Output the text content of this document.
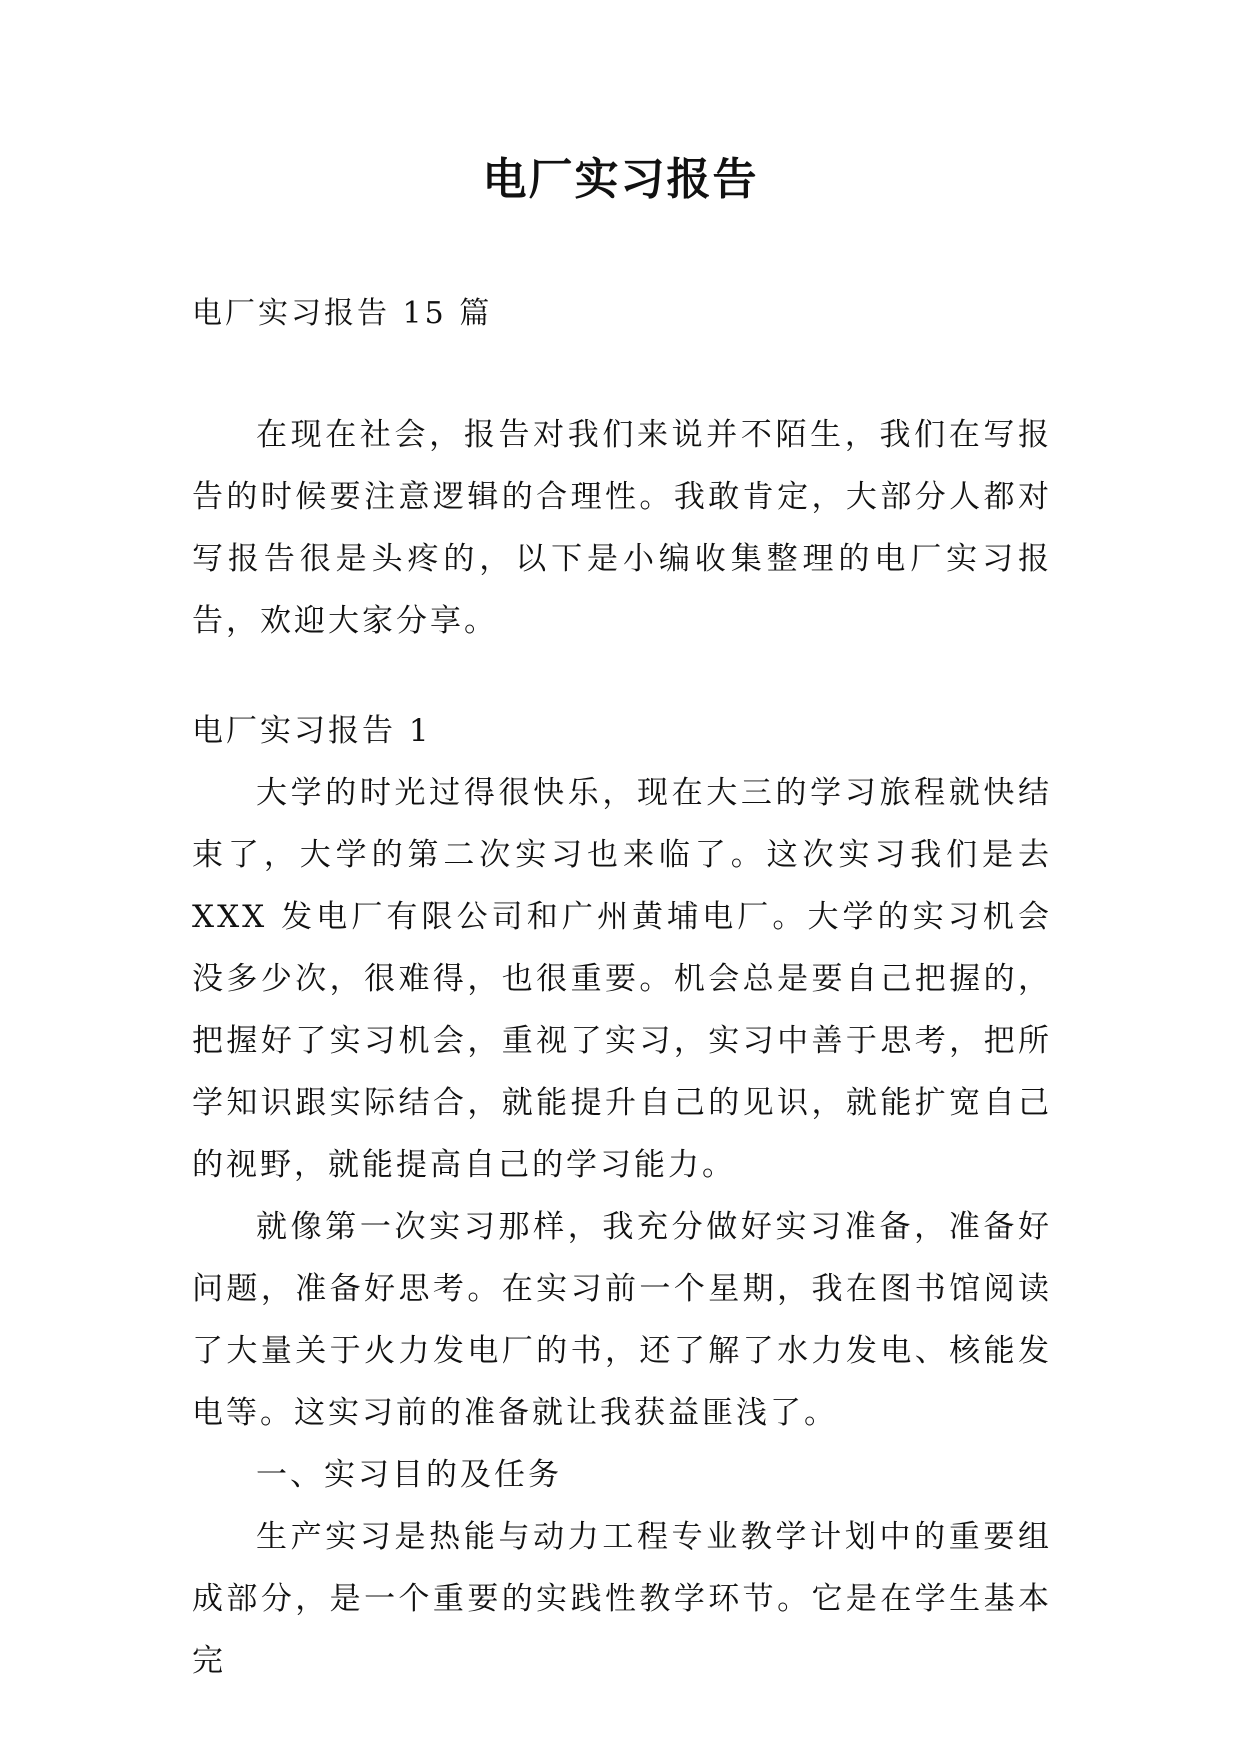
电厂实习报告
电厂实习报告 15 篇

在现在社会，报告对我们来说并不陌生，我们在写报告的时候要注意逻辑的合理性。我敢肯定，大部分人都对写报告很是头疼的，以下是小编收集整理的电厂实习报告，欢迎大家分享。

电厂实习报告 1

大学的时光过得很快乐，现在大三的学习旅程就快结束了，大学的第二次实习也来临了。这次实习我们是去 XXX 发电厂有限公司和广州黄埔电厂。大学的实习机会没多少次，很难得，也很重要。机会总是要自己把握的，把握好了实习机会，重视了实习，实习中善于思考，把所学知识跟实际结合，就能提升自己的见识，就能扩宽自己的视野，就能提高自己的学习能力。

就像第一次实习那样，我充分做好实习准备，准备好问题，准备好思考。在实习前一个星期，我在图书馆阅读了大量关于火力发电厂的书，还了解了水力发电、核能发电等。这实习前的准备就让我获益匪浅了。

一、实习目的及任务

生产实习是热能与动力工程专业教学计划中的重要组成部分，是一个重要的实践性教学环节。它是在学生基本完
